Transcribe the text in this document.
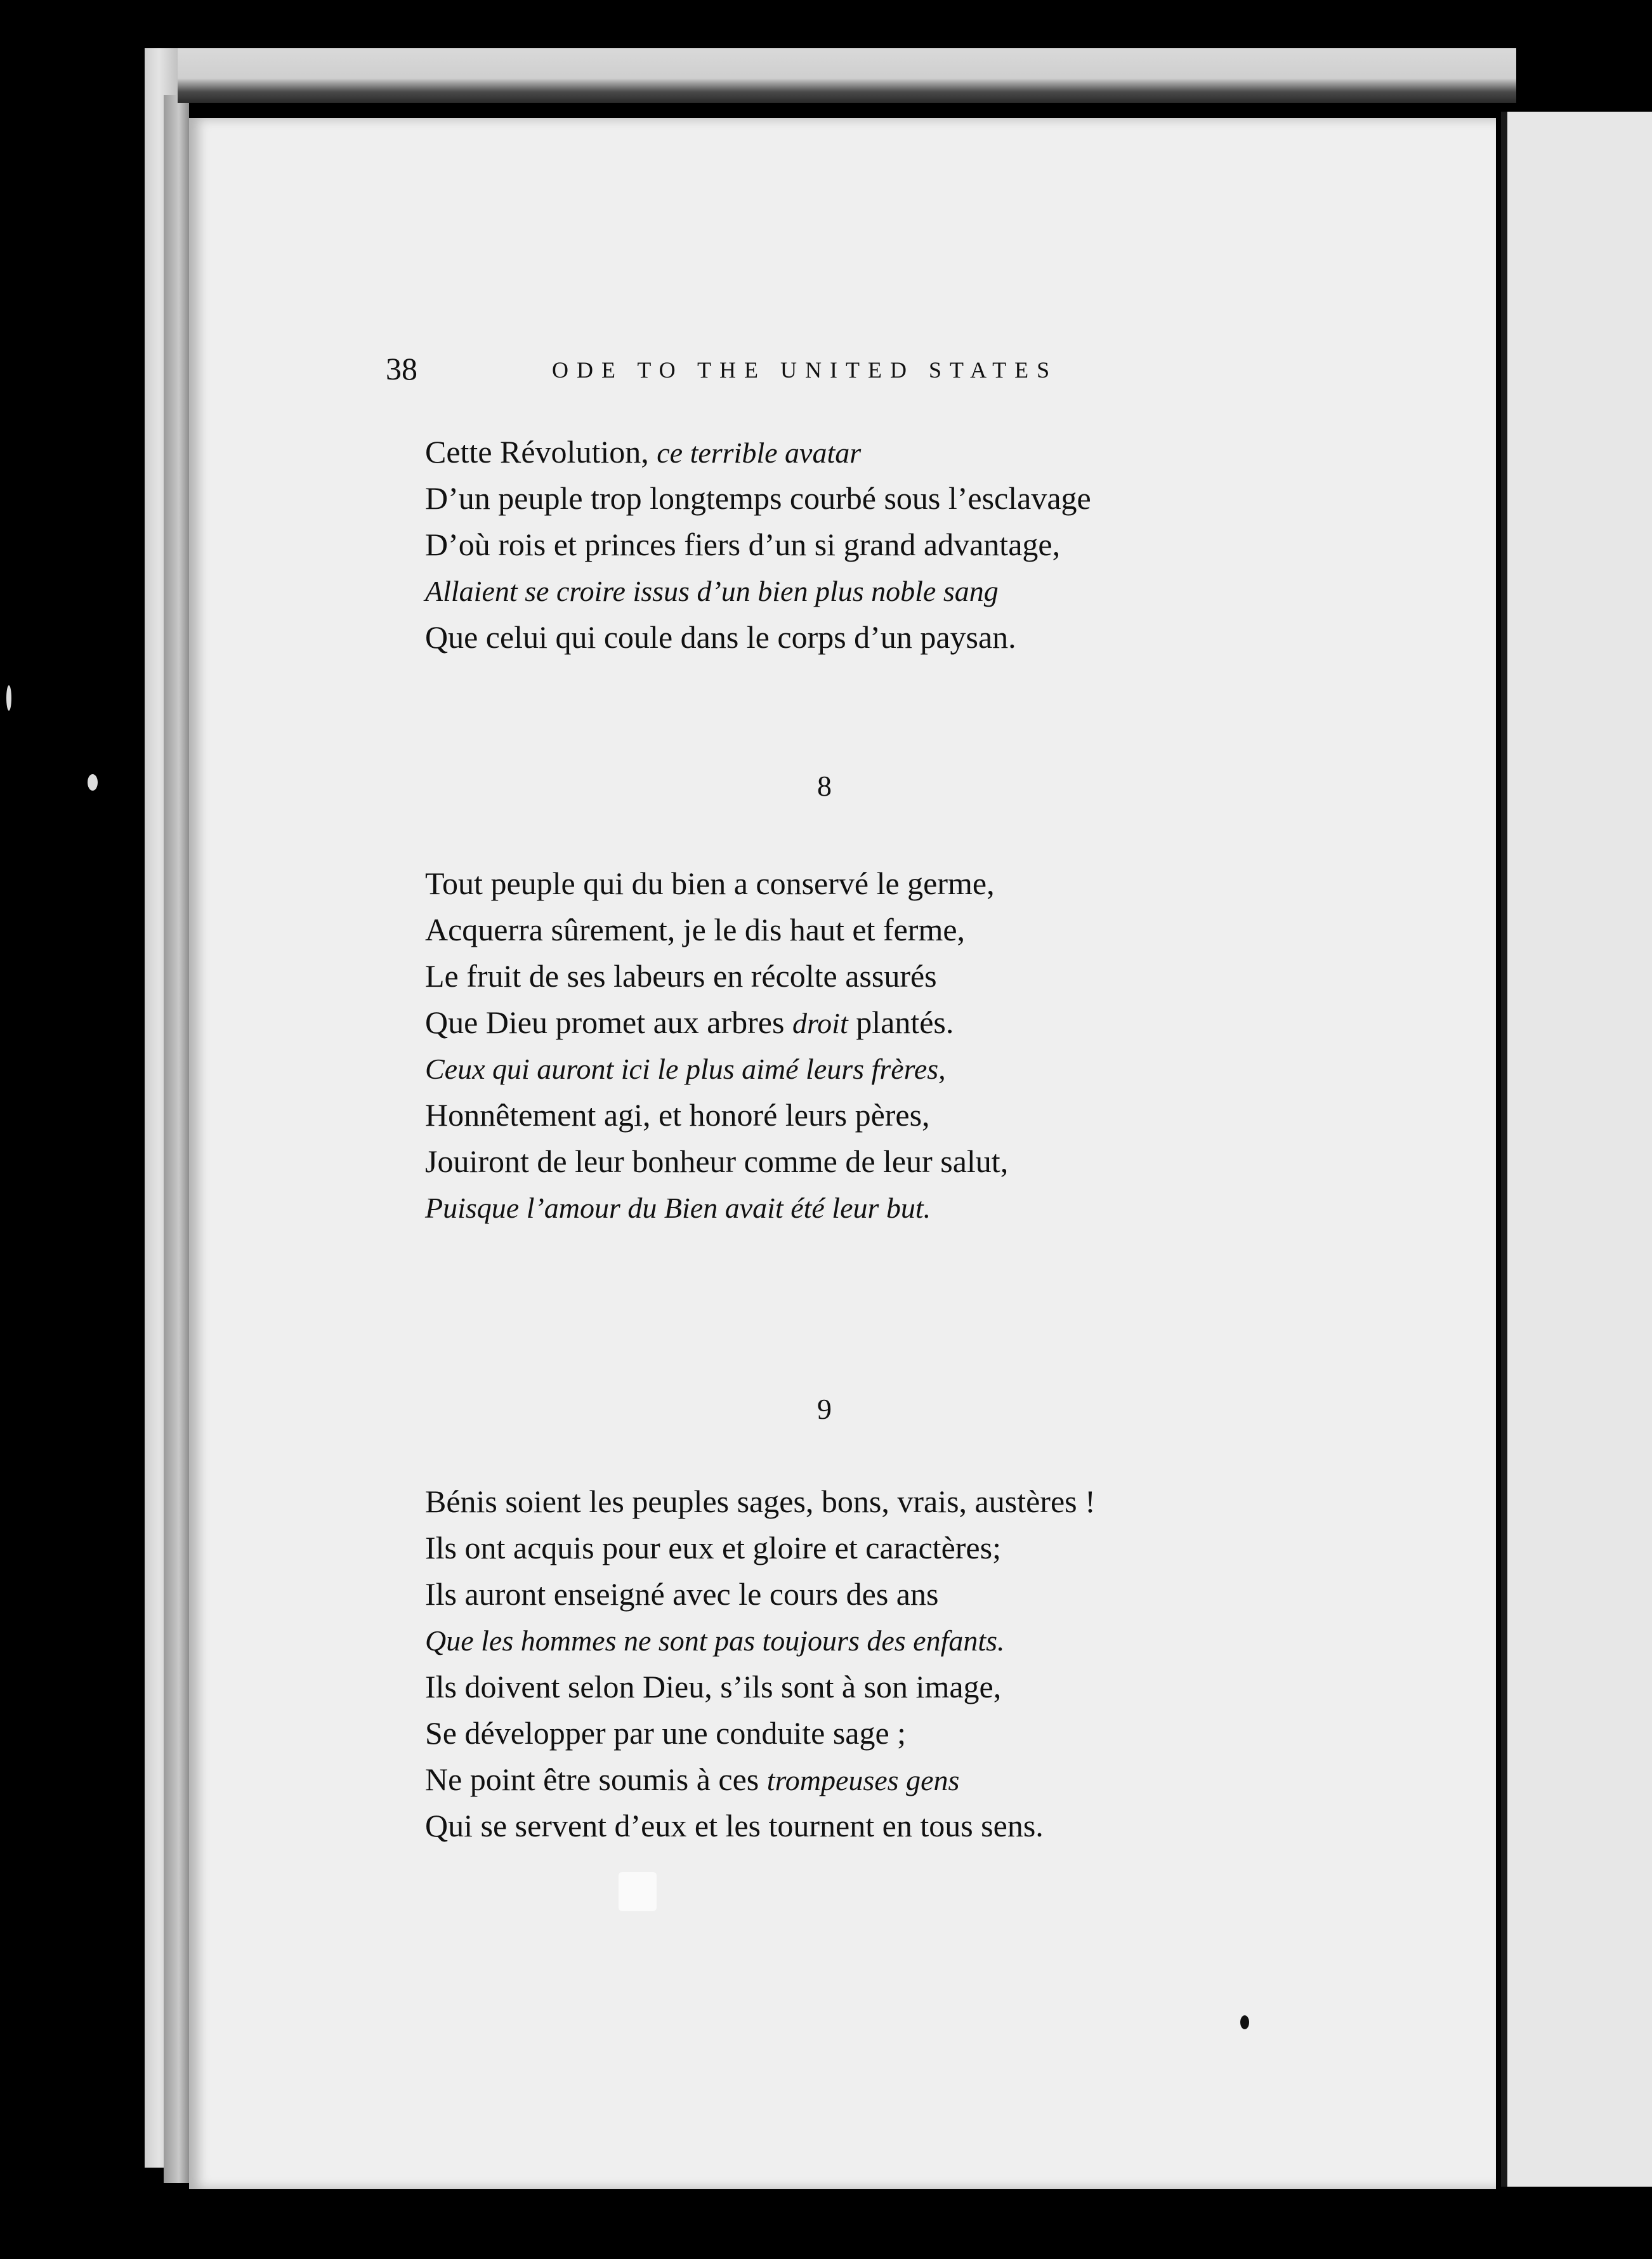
38	ODE TO THE UNITED STATES
Cette Révolution, ce terrible avatar
D’un peuple trop longtemps courbé sous l’esclavage
D’où rois et princes fiers d’un si grand advantage,
Allaient se croire issus d’un bien plus noble sang
Que celui qui coule dans le corps d’un paysan.
8
Tout peuple qui du bien a conservé le germe,
Acquerra sûrement, je le dis haut et ferme,
Le fruit de ses labeurs en récolte assurés
Que Dieu promet aux arbres droit plantés.
Ceux qui auront ici le plus aimé leurs frères,
Honnêtement agi, et honoré leurs pères,
Jouiront de leur bonheur comme de leur salut,
Puisque l’amour du Bien avait été leur but.
9
Bénis soient les peuples sages, bons, vrais, austères !
Ils ont acquis pour eux et gloire et caractères;
Ils auront enseigné avec le cours des ans
Que les hommes ne sont pas toujours des enfants.
Ils doivent selon Dieu, s’ils sont à son image,
Se développer par une conduite sage ;
Ne point être soumis à ces trompeuses gens
Qui se servent d’eux et les tournent en tous sens.
